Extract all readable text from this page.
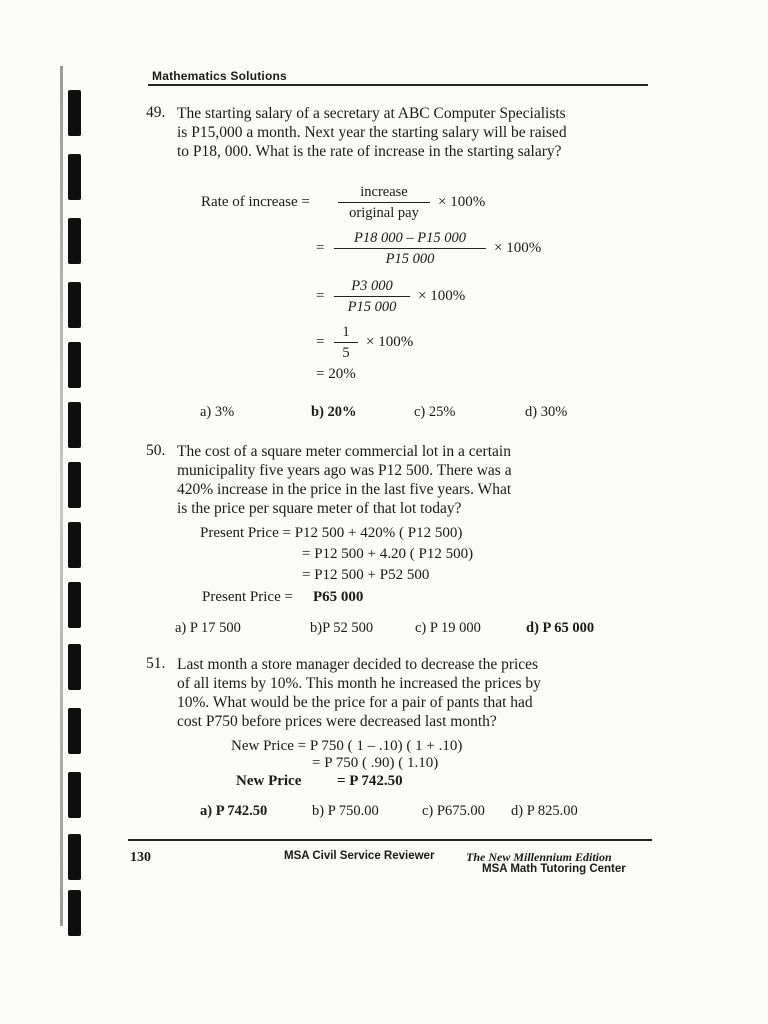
Mathematics Solutions
49. The starting salary of a secretary at ABC Computer Specialists
is P15,000 a month. Next year the starting salary will be raised
to P18, 000. What is the rate of increase in the starting salary?
Rate of increase =
increase
original pay
× 100%
=
P18 000 – P15 000
P15 000
× 100%
=
P3 000
P15 000
× 100%
=
1
5
× 100%
= 20%
a) 3%	b) 20%	c) 25%	d) 30%
50. The cost of a square meter commercial lot in a certain
municipality five years ago was P12 500. There was a
420% increase in the price in the last five years. What
is the price per square meter of that lot today?
Present Price = P12 500 + 420% ( P12 500)
= P12 500 + 4.20 ( P12 500)
= P12 500 + P52 500
Present Price = P65 000
a) P 17 500	b)P 52 500	c) P 19 000	d) P 65 000
51. Last month a store manager decided to decrease the prices
of all items by 10%. This month he increased the prices by
10%. What would be the price for a pair of pants that had
cost P750 before prices were decreased last month?
New Price = P 750 ( 1 – .10) ( 1 + .10)
= P 750 ( .90) ( 1.10)
New Price = P 742.50
a) P 742.50	b) P 750.00	c) P675.00 d) P 825.00
130	MSA Civil Service Reviewer	The New Millennium Edition
MSA Math Tutoring Center
